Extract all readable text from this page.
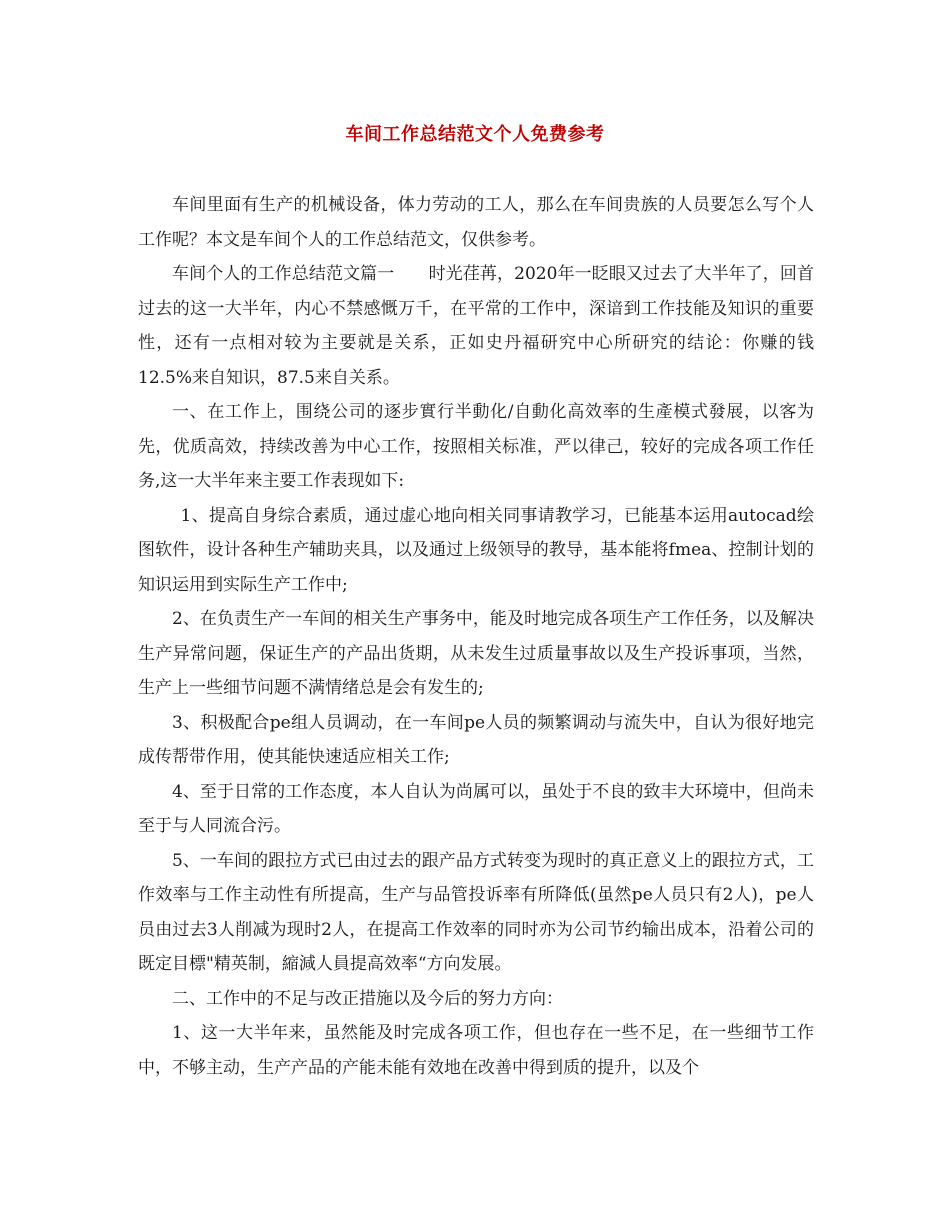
车间工作总结范文个人免费参考

车间里面有生产的机械设备，体力劳动的工人，那么在车间贵族的人员要怎么写个人工作呢？本文是车间个人的工作总结范文，仅供参考。

车间个人的工作总结范文篇一　　时光荏苒，2020年一眨眼又过去了大半年了，回首过去的这一大半年，内心不禁感慨万千，在平常的工作中，深谙到工作技能及知识的重要性，还有一点相对较为主要就是关系，正如史丹福研究中心所研究的结论：你赚的钱12.5%来自知识，87.5来自关系。

一、在工作上，围绕公司的逐步實行半動化/自動化高效率的生產模式發展，以客为先，优质高效，持续改善为中心工作，按照相关标准，严以律己，较好的完成各项工作任务,这一大半年来主要工作表现如下:

1、提高自身综合素质，通过虚心地向相关同事请教学习，已能基本运用autocad绘图软件，设计各种生产辅助夹具，以及通过上级领导的教导，基本能将fmea、控制计划的知识运用到实际生产工作中;

2、在负责生产一车间的相关生产事务中，能及时地完成各项生产工作任务，以及解决生产异常问题，保证生产的产品出货期，从未发生过质量事故以及生产投诉事项，当然，生产上一些细节问题不满情绪总是会有发生的;

3、积极配合pe组人员调动，在一车间pe人员的频繁调动与流失中，自认为很好地完成传帮带作用，使其能快速适应相关工作;

4、至于日常的工作态度，本人自认为尚属可以，虽处于不良的致丰大环境中，但尚未至于与人同流合污。

5、一车间的跟拉方式已由过去的跟产品方式转变为现时的真正意义上的跟拉方式，工作效率与工作主动性有所提高，生产与品管投诉率有所降低(虽然pe人员只有2人)，pe人员由过去3人削减为现时2人，在提高工作效率的同时亦为公司节约输出成本，沿着公司的既定目標"精英制，縮減人員提高效率“方向发展。

二、工作中的不足与改正措施以及今后的努力方向：

1、这一大半年来，虽然能及时完成各项工作，但也存在一些不足，在一些细节工作中，不够主动，生产产品的产能未能有效地在改善中得到质的提升，以及个
